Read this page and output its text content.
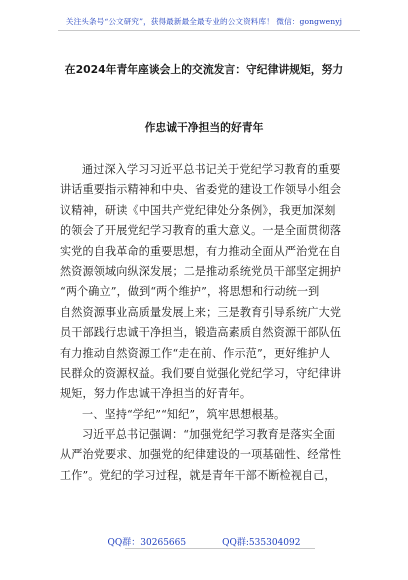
关注头条号“公文研究”，获得最新最全最专业的公文资料库！ 微信：gongwenyj
在2024年青年座谈会上的交流发言：守纪律讲规矩，努力
作忠诚干净担当的好青年
通过深入学习习近平总书记关于党纪学习教育的重要
讲话重要指示精神和中央、省委党的建设工作领导小组会
议精神，研读《中国共产党纪律处分条例》，我更加深刻
的领会了开展党纪学习教育的重大意义。一是全面贯彻落
实党的自我革命的重要思想，有力推动全面从严治党在自
然资源领域向纵深发展；二是推动系统党员干部坚定拥护
“两个确立”，做到“两个维护”，将思想和行动统一到
自然资源事业高质量发展上来；三是教育引导系统广大党
员干部践行忠诚干净担当，锻造高素质自然资源干部队伍
有力推动自然资源工作“走在前、作示范”，更好维护人
民群众的资源权益。我们要自觉强化党纪学习，守纪律讲
规矩，努力作忠诚干净担当的好青年。
一、坚持“学纪”“知纪”，筑牢思想根基。
习近平总书记强调：“加强党纪学习教育是落实全面
从严治党要求、加强党的纪律建设的一项基础性、经常性
工作”。党纪的学习过程，就是青年干部不断检视自己，
QQ群：30265665	QQ群:535304092
